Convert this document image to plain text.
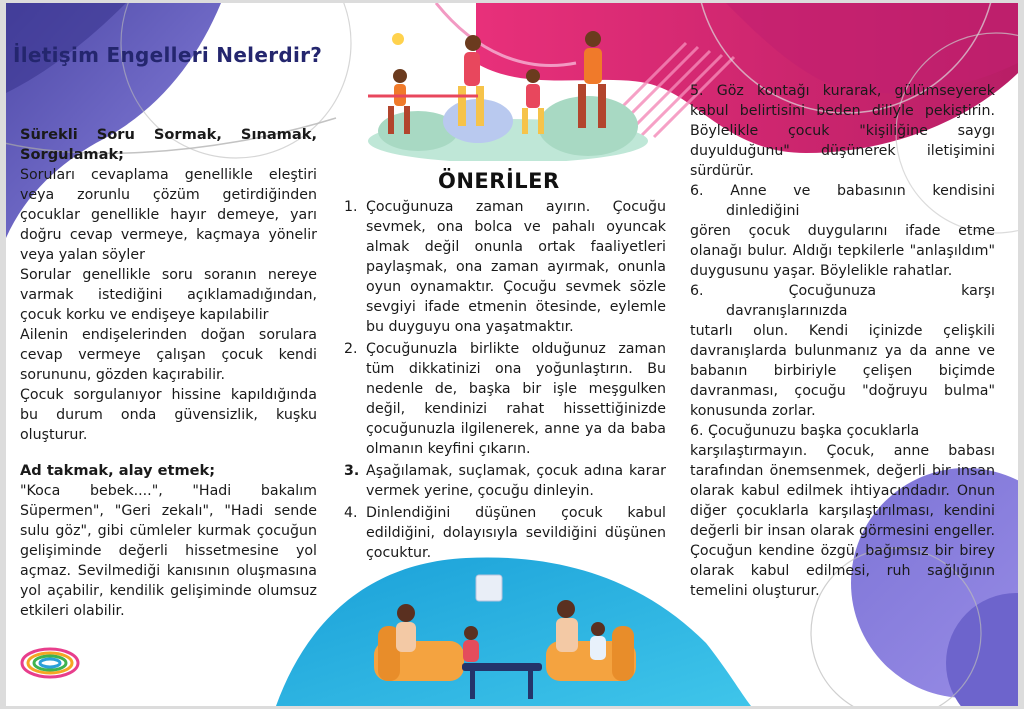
İletişim Engelleri Nelerdir?
Sürekli Soru Sormak, Sınamak, Sorgulamak;

Soruları cevaplama genellikle eleştiri veya zorunlu çözüm getirdiğinden çocuklar genellikle hayır demeye, yarı doğru cevap vermeye, kaçmaya yönelir veya yalan söyler

Sorular genellikle soru soranın nereye varmak istediğini açıklamadığından, çocuk korku ve endişeye kapılabilir

Ailenin endişelerinden doğan sorulara cevap vermeye çalışan çocuk kendi sorununu, gözden kaçırabilir.

Çocuk sorgulanıyor hissine kapıldığında bu durum onda güvensizlik, kuşku oluşturur.

Ad takmak, alay etmek;

"Koca bebek....", "Hadi bakalım Süpermen", "Geri zekalı", "Hadi sende sulu göz", gibi cümleler kurmak çocuğun gelişiminde değerli hissetmesine yol açmaz. Sevilmediği kanısının oluşmasına yol açabilir, kendilik gelişiminde olumsuz etkileri olabilir.

ÖNERİLER
1. Çocuğunuza zaman ayırın. Çocuğu sevmek, ona bolca ve pahalı oyuncak almak değil onunla ortak faaliyetleri paylaşmak, ona zaman ayırmak, onunla oyun oynamaktır. Çocuğu sevmek sözle sevgiyi ifade etmenin ötesinde, eylemle bu duyguyu ona yaşatmaktır.
2. Çocuğunuzla birlikte olduğunuz zaman tüm dikkatinizi ona yoğunlaştırın. Bu nedenle de, başka bir işle meşgulken değil, kendinizi rahat hissettiğinizde çocuğunuzla ilgilenerek, anne ya da baba olmanın keyfini çıkarın.
3. Aşağılamak, suçlamak, çocuk adına karar vermek yerine, çocuğu dinleyin.
4. Dinlendiğini düşünen çocuk kabul edildiğini, dolayısıyla sevildiğini düşünen çocuktur.

5. Göz kontağı kurarak, gülümseyerek kabul belirtisini beden diliyle pekiştirin. Böylelikle çocuk "kişiliğine saygı duyulduğunu" düşünerek iletişimini sürdürür.

6. Anne ve babasının kendisini

dinlediğini

gören çocuk duygularını ifade etme olanağı bulur. Aldığı tepkilerle "anlaşıldım" duygusunu yaşar. Böylelikle rahatlar.

6. Çocuğunuza karşı

davranışlarınızda

tutarlı olun. Kendi içinizde çelişkili davranışlarda bulunmanız ya da anne ve babanın birbiriyle çelişen biçimde davranması, çocuğu "doğruyu bulma" konusunda zorlar.

6. Çocuğunuzu başka çocuklarla

karşılaştırmayın. Çocuk, anne babası tarafından önemsenmek, değerli bir insan olarak kabul edilmek ihtiyacındadır. Onun diğer çocuklarla karşılaştırılması, kendini değerli bir insan olarak görmesini engeller. Çocuğun kendine özgü, bağımsız bir birey olarak kabul edilmesi, ruh sağlığının temelini oluşturur.
